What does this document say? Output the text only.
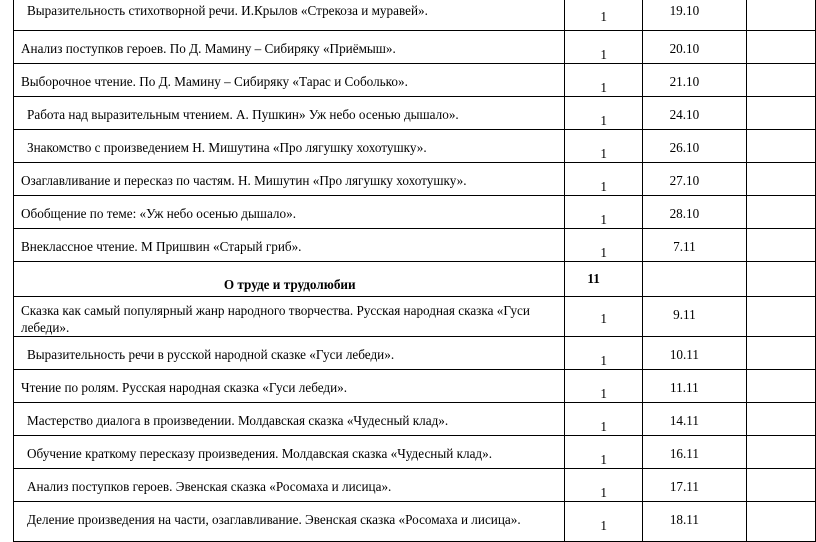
Выразительность стихотворной речи. И.Крылов «Стрекоза и муравей».	1	19.10	

Анализ поступков героев. По Д. Мамину – Сибиряку «Приёмыш».	1	20.10	

Выборочное чтение. По Д. Мамину – Сибиряку «Тарас и Соболько».	1	21.10	

Работа над выразительным чтением. А. Пушкин» Уж небо осенью дышало».	1	24.10	

Знакомство с произведением Н. Мишутина «Про лягушку хохотушку».	1	26.10	

Озаглавливание и пересказ по частям. Н. Мишутин «Про лягушку хохотушку».	1	27.10	

Обобщение по теме: «Уж небо осенью дышало».	1	28.10	

Внеклассное чтение. М Пришвин «Старый гриб».	1	7.11	

О труде и трудолюбии	11		

Сказка как самый популярный жанр народного творчества. Русская народная сказка «Гуси лебеди».	1	9.11	

Выразительность речи в русской народной сказке «Гуси лебеди».	1	10.11	

Чтение по ролям. Русская народная сказка «Гуси лебеди».	1	11.11	

Мастерство диалога в произведении. Молдавская сказка «Чудесный клад».	1	14.11	

Обучение краткому пересказу произведения. Молдавская сказка «Чудесный клад».	1	16.11	

Анализ поступков героев. Эвенская сказка «Росомаха и лисица».	1	17.11	

Деление произведения на части, озаглавливание. Эвенская сказка «Росомаха и лисица».	1	18.11	
